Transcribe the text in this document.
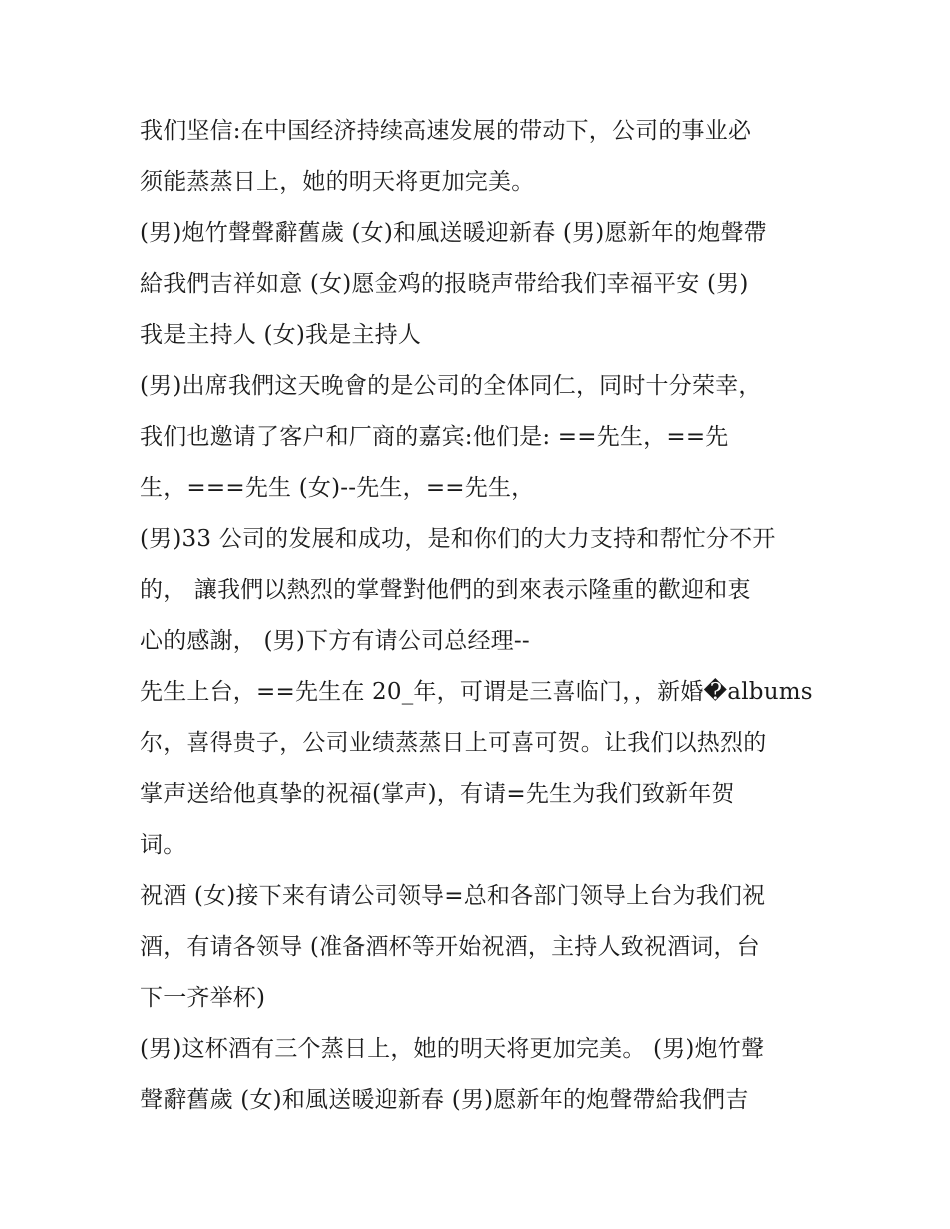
我们坚信:在中国经济持续高速发展的带动下，公司的事业必
须能蒸蒸日上，她的明天将更加完美。
(男)炮竹聲聲辭舊歲 (女)和風送暖迎新春 (男)愿新年的炮聲帶
給我們吉祥如意 (女)愿金鸡的报晓声带给我们幸福平安 (男)
我是主持人 (女)我是主持人
(男)出席我們这天晚會的是公司的全体同仁，同时十分荣幸，
我们也邀请了客户和厂商的嘉宾:他们是: ==先生，==先
生，===先生 (女)--先生，==先生，
(男)33 公司的发展和成功，是和你们的大力支持和帮忙分不开
的， 讓我們以熱烈的掌聲對他們的到來表示隆重的歡迎和衷
心的感謝， (男)下方有请公司总经理--
先生上台，==先生在 20_年，可谓是三喜临门，，新婚�albums
尔，喜得贵子，公司业绩蒸蒸日上可喜可贺。让我们以热烈的
掌声送给他真挚的祝福(掌声)，有请=先生为我们致新年贺
词。
祝酒 (女)接下来有请公司领导=总和各部门领导上台为我们祝
酒，有请各领导 (准备酒杯等开始祝酒，主持人致祝酒词，台
下一齐举杯)
(男)这杯酒有三个蒸日上，她的明天将更加完美。 (男)炮竹聲
聲辭舊歲 (女)和風送暖迎新春 (男)愿新年的炮聲帶給我們吉
